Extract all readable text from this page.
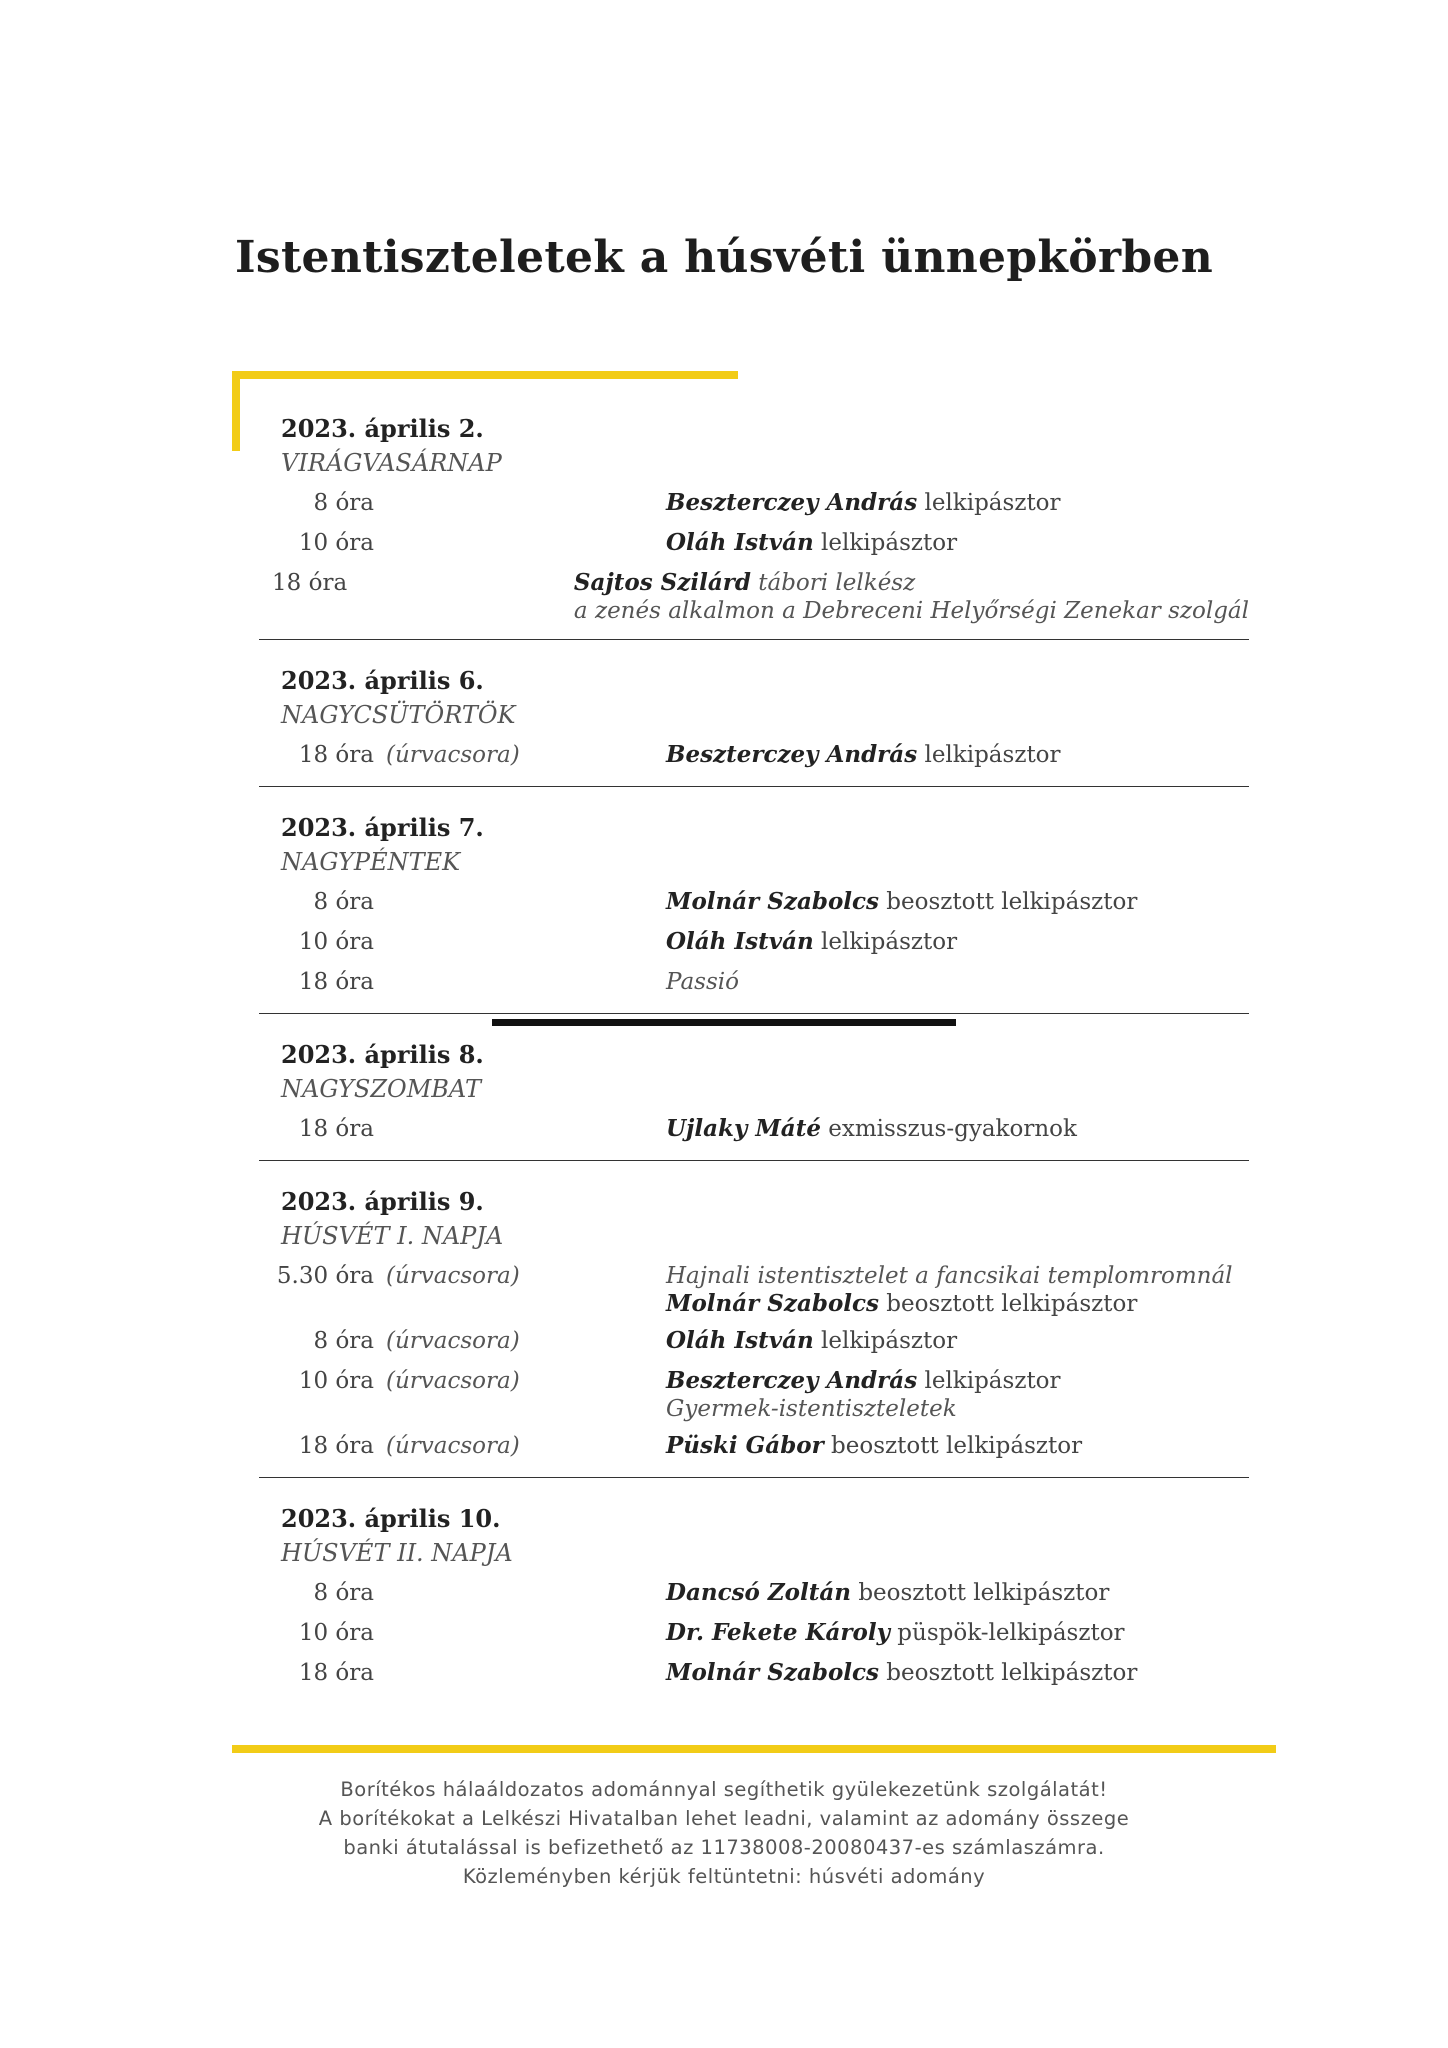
Istentiszteletek a húsvéti ünnepkörben
2023. április 2.
VIRÁGVASÁRNAP
8 óra	Beszterczey András lelkipásztor
10 óra	Oláh István lelkipásztor
18 óra	Sajtos Szilárd tábori lelkész
a zenés alkalmon a Debreceni Helyőrségi Zenekar szolgál
2023. április 6.
NAGYCSÜTÖRTÖK
18 óra (úrvacsora)	Beszterczey András lelkipásztor
2023. április 7.
NAGYPÉNTEK
8 óra	Molnár Szabolcs beosztott lelkipásztor
10 óra	Oláh István lelkipásztor
18 óra	Passió
2023. április 8.
NAGYSZOMBAT
18 óra	Ujlaky Máté exmisszus-gyakornok
2023. április 9.
HÚSVÉT I. NAPJA
5.30 óra (úrvacsora)	Hajnali istentisztelet a fancsikai templomromnál
Molnár Szabolcs beosztott lelkipásztor
8 óra (úrvacsora)	Oláh István lelkipásztor
10 óra (úrvacsora)	Beszterczey András lelkipásztor
Gyermek-istentiszteletek
18 óra (úrvacsora)	Püski Gábor beosztott lelkipásztor
2023. április 10.
HÚSVÉT II. NAPJA
8 óra	Dancsó Zoltán beosztott lelkipásztor
10 óra	Dr. Fekete Károly püspök-lelkipásztor
18 óra	Molnár Szabolcs beosztott lelkipásztor
Borítékos hálaáldozatos adománnyal segíthetik gyülekezetünk szolgálatát!
A borítékokat a Lelkészi Hivatalban lehet leadni, valamint az adomány összege
banki átutalással is befizethető az 11738008-20080437-es számlaszámra.
Közleményben kérjük feltüntetni: húsvéti adomány
